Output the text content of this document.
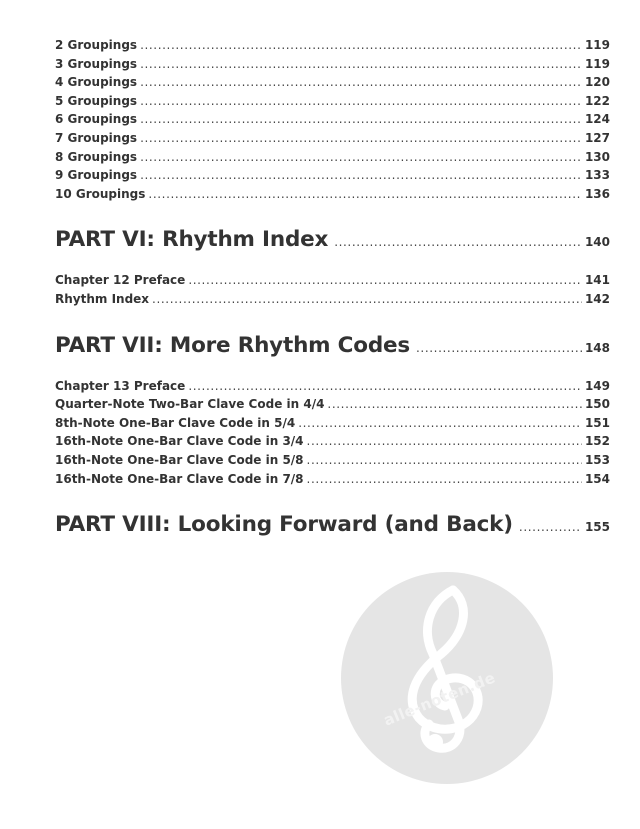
2 Groupings .....	119
3 Groupings .....	119
4 Groupings .....	120
5 Groupings .....	122
6 Groupings .....	124
7 Groupings .....	127
8 Groupings .....	130
9 Groupings .....	133
10 Groupings .....	136
PART VI: Rhythm Index .....	140
Chapter 12 Preface .....	141
Rhythm Index .....	142
PART VII: More Rhythm Codes .....	148
Chapter 13 Preface .....	149
Quarter-Note Two-Bar Clave Code in 4/4 .....	150
8th-Note One-Bar Clave Code in 5/4 .....	151
16th-Note One-Bar Clave Code in 3/4 .....	152
16th-Note One-Bar Clave Code in 5/8 .....	153
16th-Note One-Bar Clave Code in 7/8 .....	154
PART VIII: Looking Forward (and Back) .....	155
alle-noten.de
